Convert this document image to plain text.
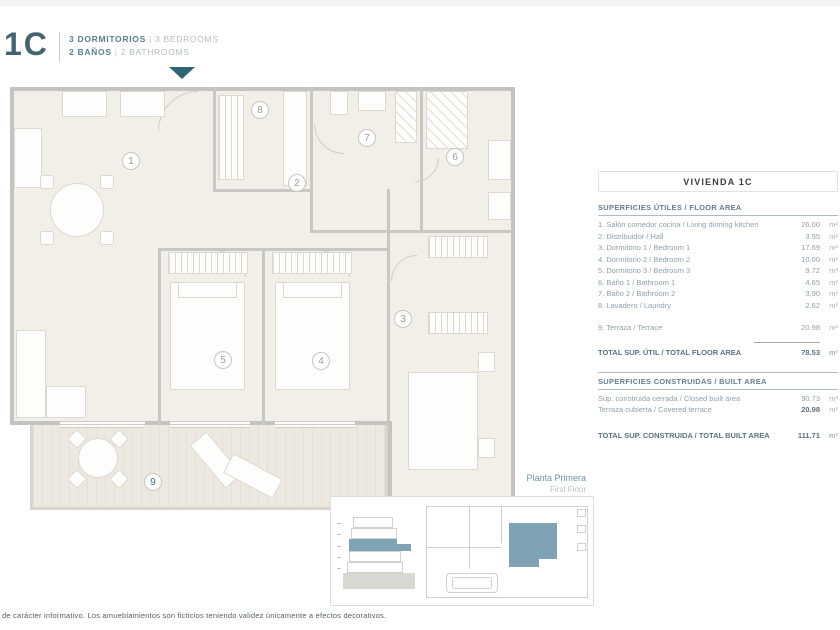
1C 3 DORMITORIOS | 3 BEDROOMS
2 BAÑOS | 2 BATHROOMS
1
2
3
4
5
6
7
8
9
VIVIENDA 1C
SUPERFICIES ÚTILES / FLOOR AREA
1. Salón comedor cocina / Living dinning kitchen	26.00	m²
2. Distribuidor / Hall	3.95	m²
3. Dormitorio 1 / Bedroom 1	17.69	m²
4. Dormitorio 2 / Bedroom 2	10.00	m²
5. Dormitorio 3 / Bedroom 3	9.72	m²
6. Baño 1 / Bathroom 1	4.65	m²
7. Baño 2 / Bathroom 2	3.90	m²
8. Lavadero / Laundry	2.62	m²
9. Terraza / Terrace	20.98	m²
TOTAL SUP. ÚTIL / TOTAL FLOOR AREA	78.53	m²
SUPERFICIES CONSTRUIDAS / BUILT AREA
Sup. construida cerrada / Closed built area	90.73	m²
Terraza cubierta / Covered terrace	20.98	m²
TOTAL SUP. CONSTRUIDA / TOTAL BUILT AREA	111.71	m²
Planta Primera
First Floor
de carácter informativo. Los amueblamientos son ficticios teniendo validez únicamente a efectos decorativos.
